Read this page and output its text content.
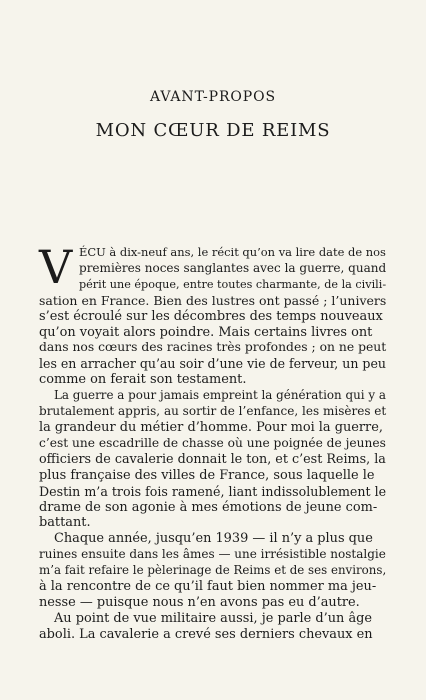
AVANT-PROPOS
MON CŒUR DE REIMS

V ÉCU à dix-neuf ans, le récit qu’on va lire date de nos
premières noces sanglantes avec la guerre, quand
périt une époque, entre toutes charmante, de la civili-
sation en France. Bien des lustres ont passé ; l’univers
s’est écroulé sur les décombres des temps nouveaux
qu’on voyait alors poindre. Mais certains livres ont
dans nos cœurs des racines très profondes ; on ne peut
les en arracher qu’au soir d’une vie de ferveur, un peu
comme on ferait son testament.

La guerre a pour jamais empreint la génération qui y a
brutalement appris, au sortir de l’enfance, les misères et
la grandeur du métier d’homme. Pour moi la guerre,
c’est une escadrille de chasse où une poignée de jeunes
officiers de cavalerie donnait le ton, et c’est Reims, la
plus française des villes de France, sous laquelle le
Destin m’a trois fois ramené, liant indissolublement le
drame de son agonie à mes émotions de jeune com-
battant.

Chaque année, jusqu’en 1939 — il n’y a plus que
ruines ensuite dans les âmes — une irrésistible nostalgie
m’a fait refaire le pèlerinage de Reims et de ses environs,
à la rencontre de ce qu’il faut bien nommer ma jeu-
nesse — puisque nous n’en avons pas eu d’autre.

Au point de vue militaire aussi, je parle d’un âge
aboli. La cavalerie a crevé ses derniers chevaux en
